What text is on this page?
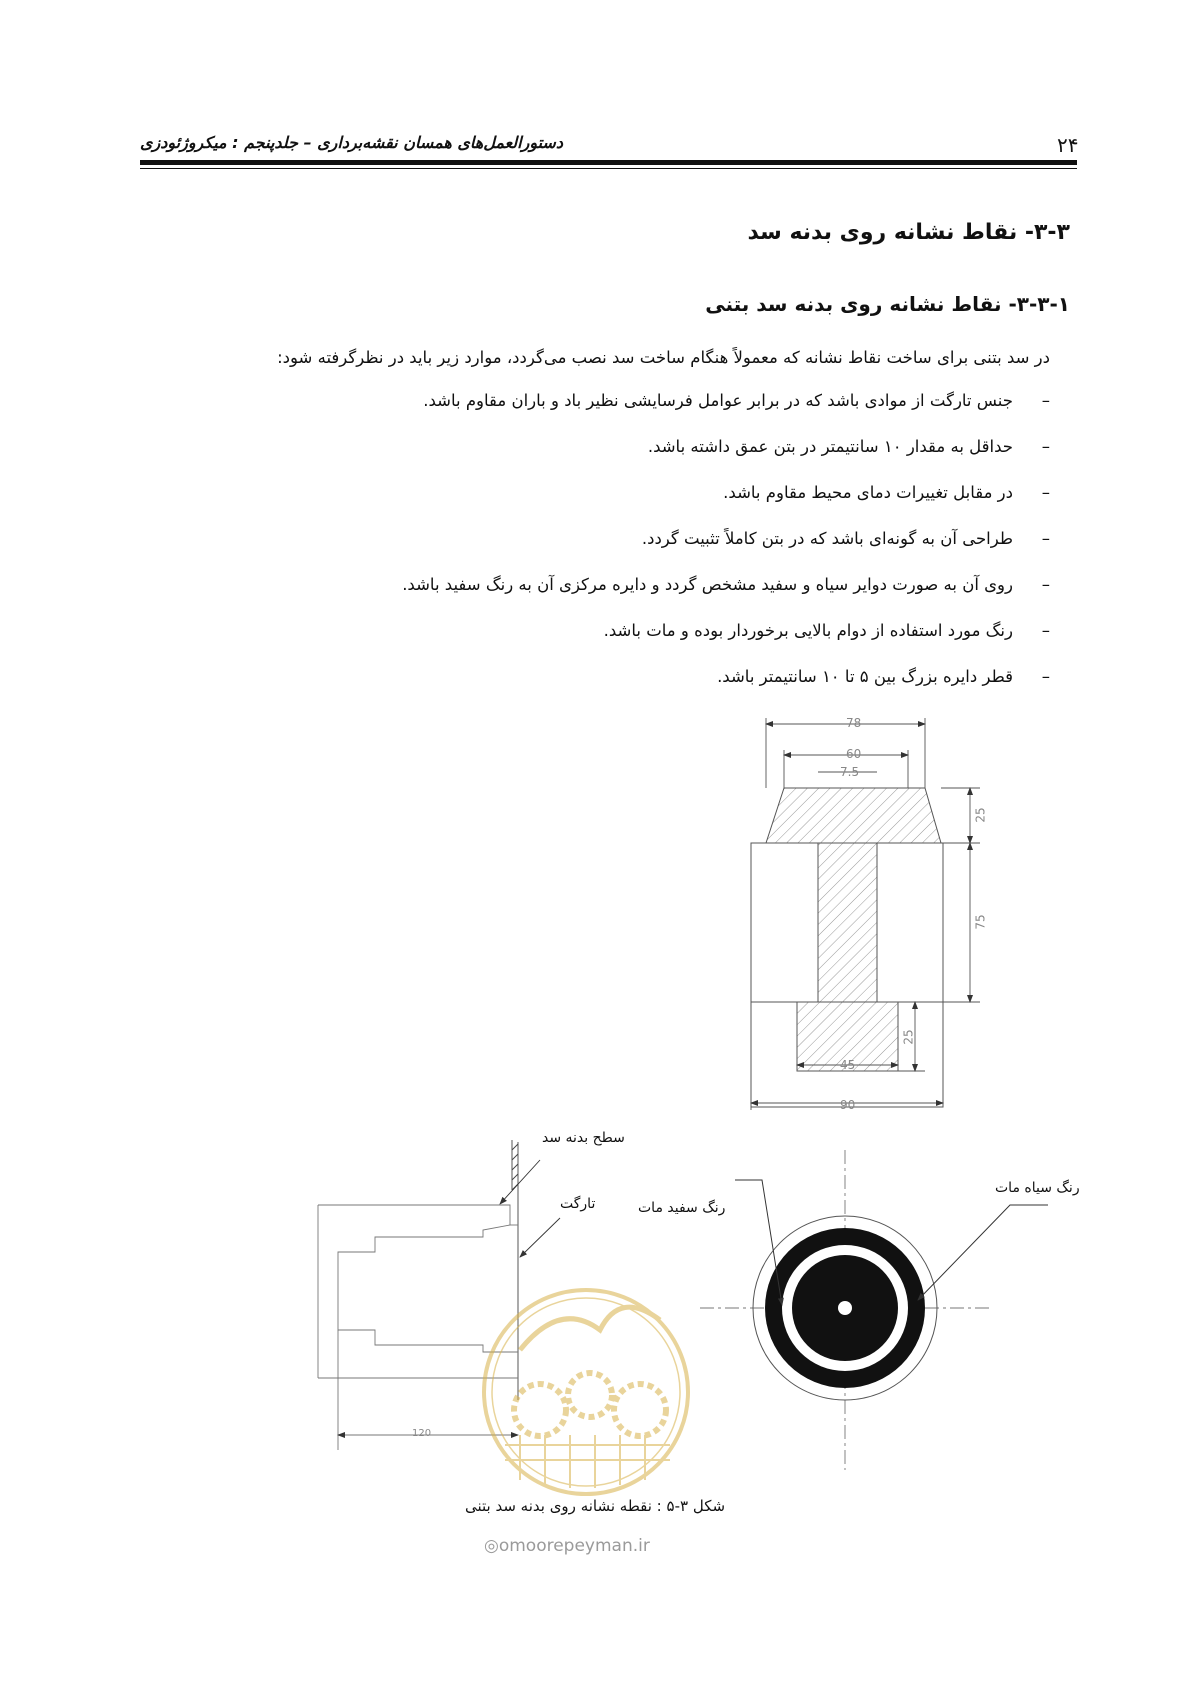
۲۴
دستورالعمل‌های همسان نقشه‌برداری – جلدپنجم : میکروژئودزی
۳-۳- نقاط نشانه روی بدنه سد
۳-۳-۱- نقاط نشانه روی بدنه سد بتنی
در سد بتنی برای ساخت نقاط نشانه که معمولاً هنگام ساخت سد نصب می‌گردد، موارد زیر باید در نظرگرفته شود:
–
جنس تارگت از موادی باشد که در برابر عوامل فرسایشی نظیر باد و باران مقاوم باشد.
–
حداقل به مقدار ۱۰ سانتیمتر در بتن عمق داشته باشد.
–
در مقابل تغییرات دمای محیط مقاوم باشد.
–
طراحی آن به گونه‌ای باشد که در بتن کاملاً تثبیت گردد.
–
روی آن به صورت دوایر سیاه و سفید مشخص گردد و دایره مرکزی آن به رنگ سفید باشد.
–
رنگ مورد استفاده از دوام بالایی برخوردار بوده و مات باشد.
–
قطر دایره بزرگ بین ۵ تا ۱۰ سانتیمتر باشد.
78
60
7.5
25
75
25
45
90
120
سطح بدنه سد
تارگت	رنگ سفید مات
رنگ سیاه مات
شکل ۳-۵ : نقطه نشانه روی بدنه سد بتنی
◎omoorepeyman.ir
